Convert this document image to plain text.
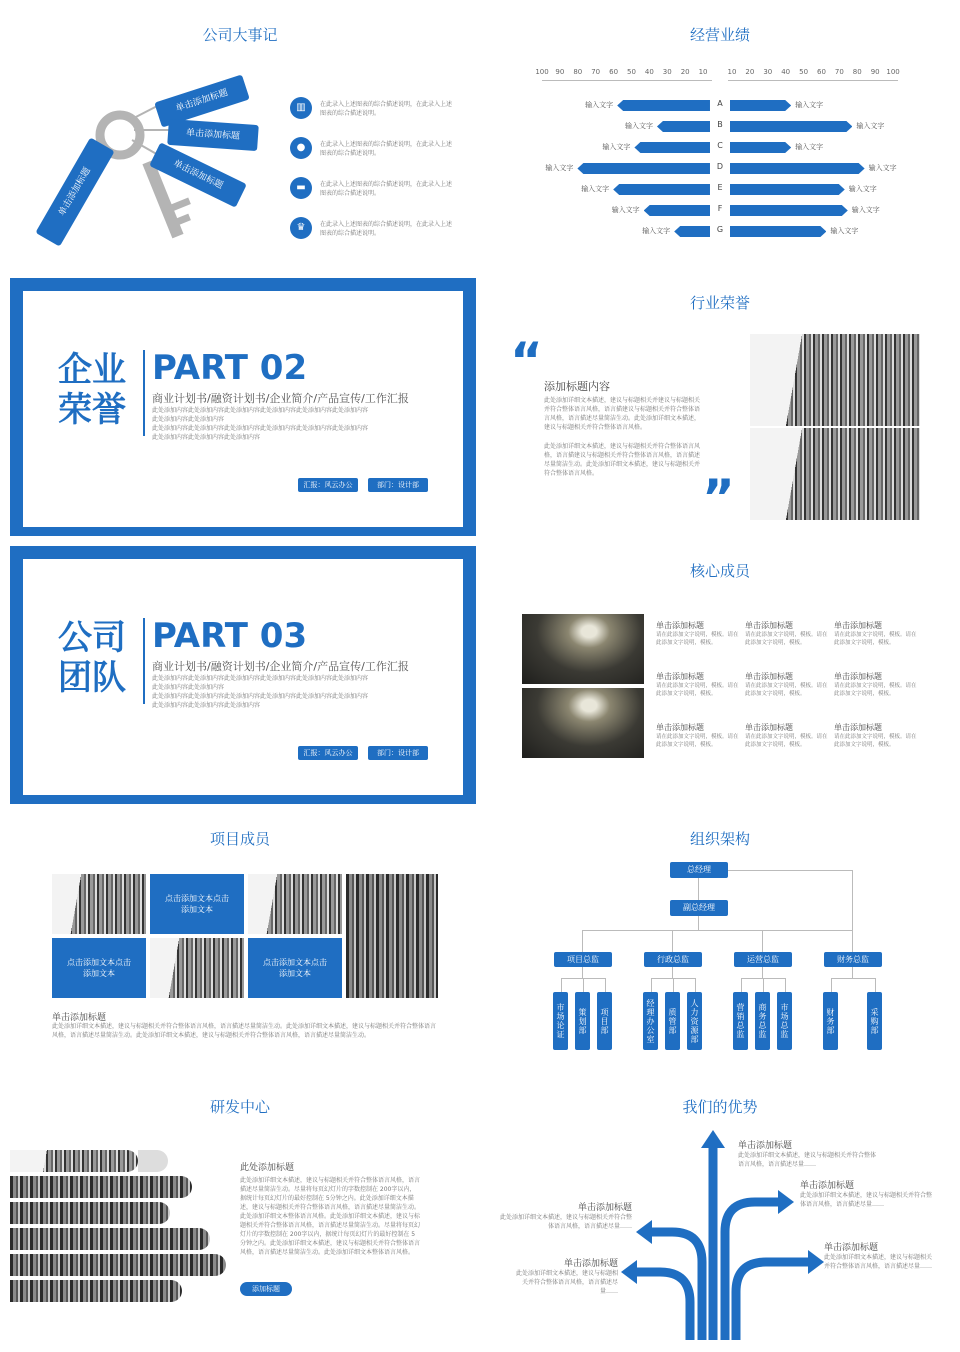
公司大事记
单击添加标题
单击添加标题
单击添加标题
单击添加标题
▥	在此录入上述图表的综合描述说明，在此录入上述图表的综合描述说明。
●	在此录入上述图表的综合描述说明，在此录入上述图表的综合描述说明。
▬	在此录入上述图表的综合描述说明，在此录入上述图表的综合描述说明。
♛	在此录入上述图表的综合描述说明，在此录入上述图表的综合描述说明。
经营业绩
100 90	80	70	60	50	40	30	20	10	10	20	30	40	50	60	70	80	90 100
A
输入文字	输入文字
B
输入文字	输入文字
C
输入文字	输入文字
D
输入文字	输入文字
E
输入文字	输入文字
F
输入文字	输入文字
G
输入文字	输入文字
企业
荣誉
PART 02
商业计划书/融资计划书/企业简介/产品宣传/工作汇报
此处添加内容此处添加内容此处添加内容此处添加内容此处添加内容此处添加内容此处添加内容此处添加内容
此处添加内容此处添加内容此处添加内容此处添加内容此处添加内容此处添加内容此处添加内容此处添加内容此处添加内容
汇报：风云办公	部门：设计部
行业荣誉
“ 添加标题内容
此处添加详细文本描述，建议与标题相关并建议与标题相关并符合整体语言风格，语言描建议与标题相关并符合整体语言风格，语言描述尽量简洁生动。此处添加详细文本描述，建议与标题相关并符合整体语言风格。
此处添加详细文本描述，建议与标题相关并符合整体语言风格，语言描建议与标题相关并符合整体语言风格，语言描述尽量简洁生动。此处添加详细文本描述，建议与标题相关并符合整体语言风格。	”
公司
团队
PART 03
商业计划书/融资计划书/企业简介/产品宣传/工作汇报
此处添加内容此处添加内容此处添加内容此处添加内容此处添加内容此处添加内容此处添加内容此处添加内容
此处添加内容此处添加内容此处添加内容此处添加内容此处添加内容此处添加内容此处添加内容此处添加内容此处添加内容
汇报：风云办公	部门：设计部
核心成员
单击添加标题
请在此添加文字说明，模板。请在此添加文字说明，模板。
单击添加标题
请在此添加文字说明，模板。请在此添加文字说明，模板。
单击添加标题
请在此添加文字说明，模板。请在此添加文字说明，模板。
单击添加标题
请在此添加文字说明，模板。请在此添加文字说明，模板。
单击添加标题
请在此添加文字说明，模板。请在此添加文字说明，模板。
单击添加标题
请在此添加文字说明，模板。请在此添加文字说明，模板。
单击添加标题
请在此添加文字说明，模板。请在此添加文字说明，模板。
单击添加标题
请在此添加文字说明，模板。请在此添加文字说明，模板。
单击添加标题
请在此添加文字说明，模板。请在此添加文字说明，模板。
项目成员
点击添加文本点击添加文本
点击添加文本点击添加文本
点击添加文本点击添加文本
单击添加标题
此处添加详细文本描述，建议与标题相关并符合整体语言风格，语言描述尽量简洁生动。此处添加详细文本描述，建议与标题相关并符合整体语言风格，语言描述尽量简洁生动。此处添加详细文本描述，建议与标题相关并符合整体语言风格，语言描述尽量简洁生动。
组织架构
总经理
副总经理
项目总监
市场论证	策划部	项目部
行政总监
经理办公室	质管部	人力资源部
运营总监
营销总监	商务总监	市场总监
财务总监
财务部	采购部
研发中心
此处添加标题
此处添加详细文本描述，建议与标题相关并符合整体语言风格，语言描述尽量简洁生动。尽量将每页幻灯片的字数控制在 200字以内，据统计每页幻灯片的最好控制在 5分钟之内。此处添加详细文本描述，建议与标题相关并符合整体语言风格，语言描述尽量简洁生动。此处添加详细文本整体语言风格。此处添加详细文本描述，建议与标题相关并符合整体语言风格，语言描述尽量简洁生动。尽量将每页幻灯片的字数控制在 200字以内，据统计每页幻灯片的最好控制在 5分钟之内。此处添加详细文本描述，建议与标题相关并符合整体语言风格，语言描述尽量简洁生动。此处添加详细文本整体语言风格。
添加标题
我们的优势
单击添加标题
此处添加详细文本描述，建议与标题相关并符合整体语言风格，语言描述尽量……
单击添加标题
此处添加详细文本描述，建议与标题相关并符合整体语言风格，语言描述尽量……
单击添加标题
此处添加详细文本描述，建议与标题相关并符合整体语言风格，语言描述尽量……
单击添加标题
此处添加详细文本描述，建议与标题相关并符合整体语言风格，语言描述尽量……
单击添加标题
此处添加详细文本描述，建议与标题相关并符合整体语言风格，语言描述尽量……
